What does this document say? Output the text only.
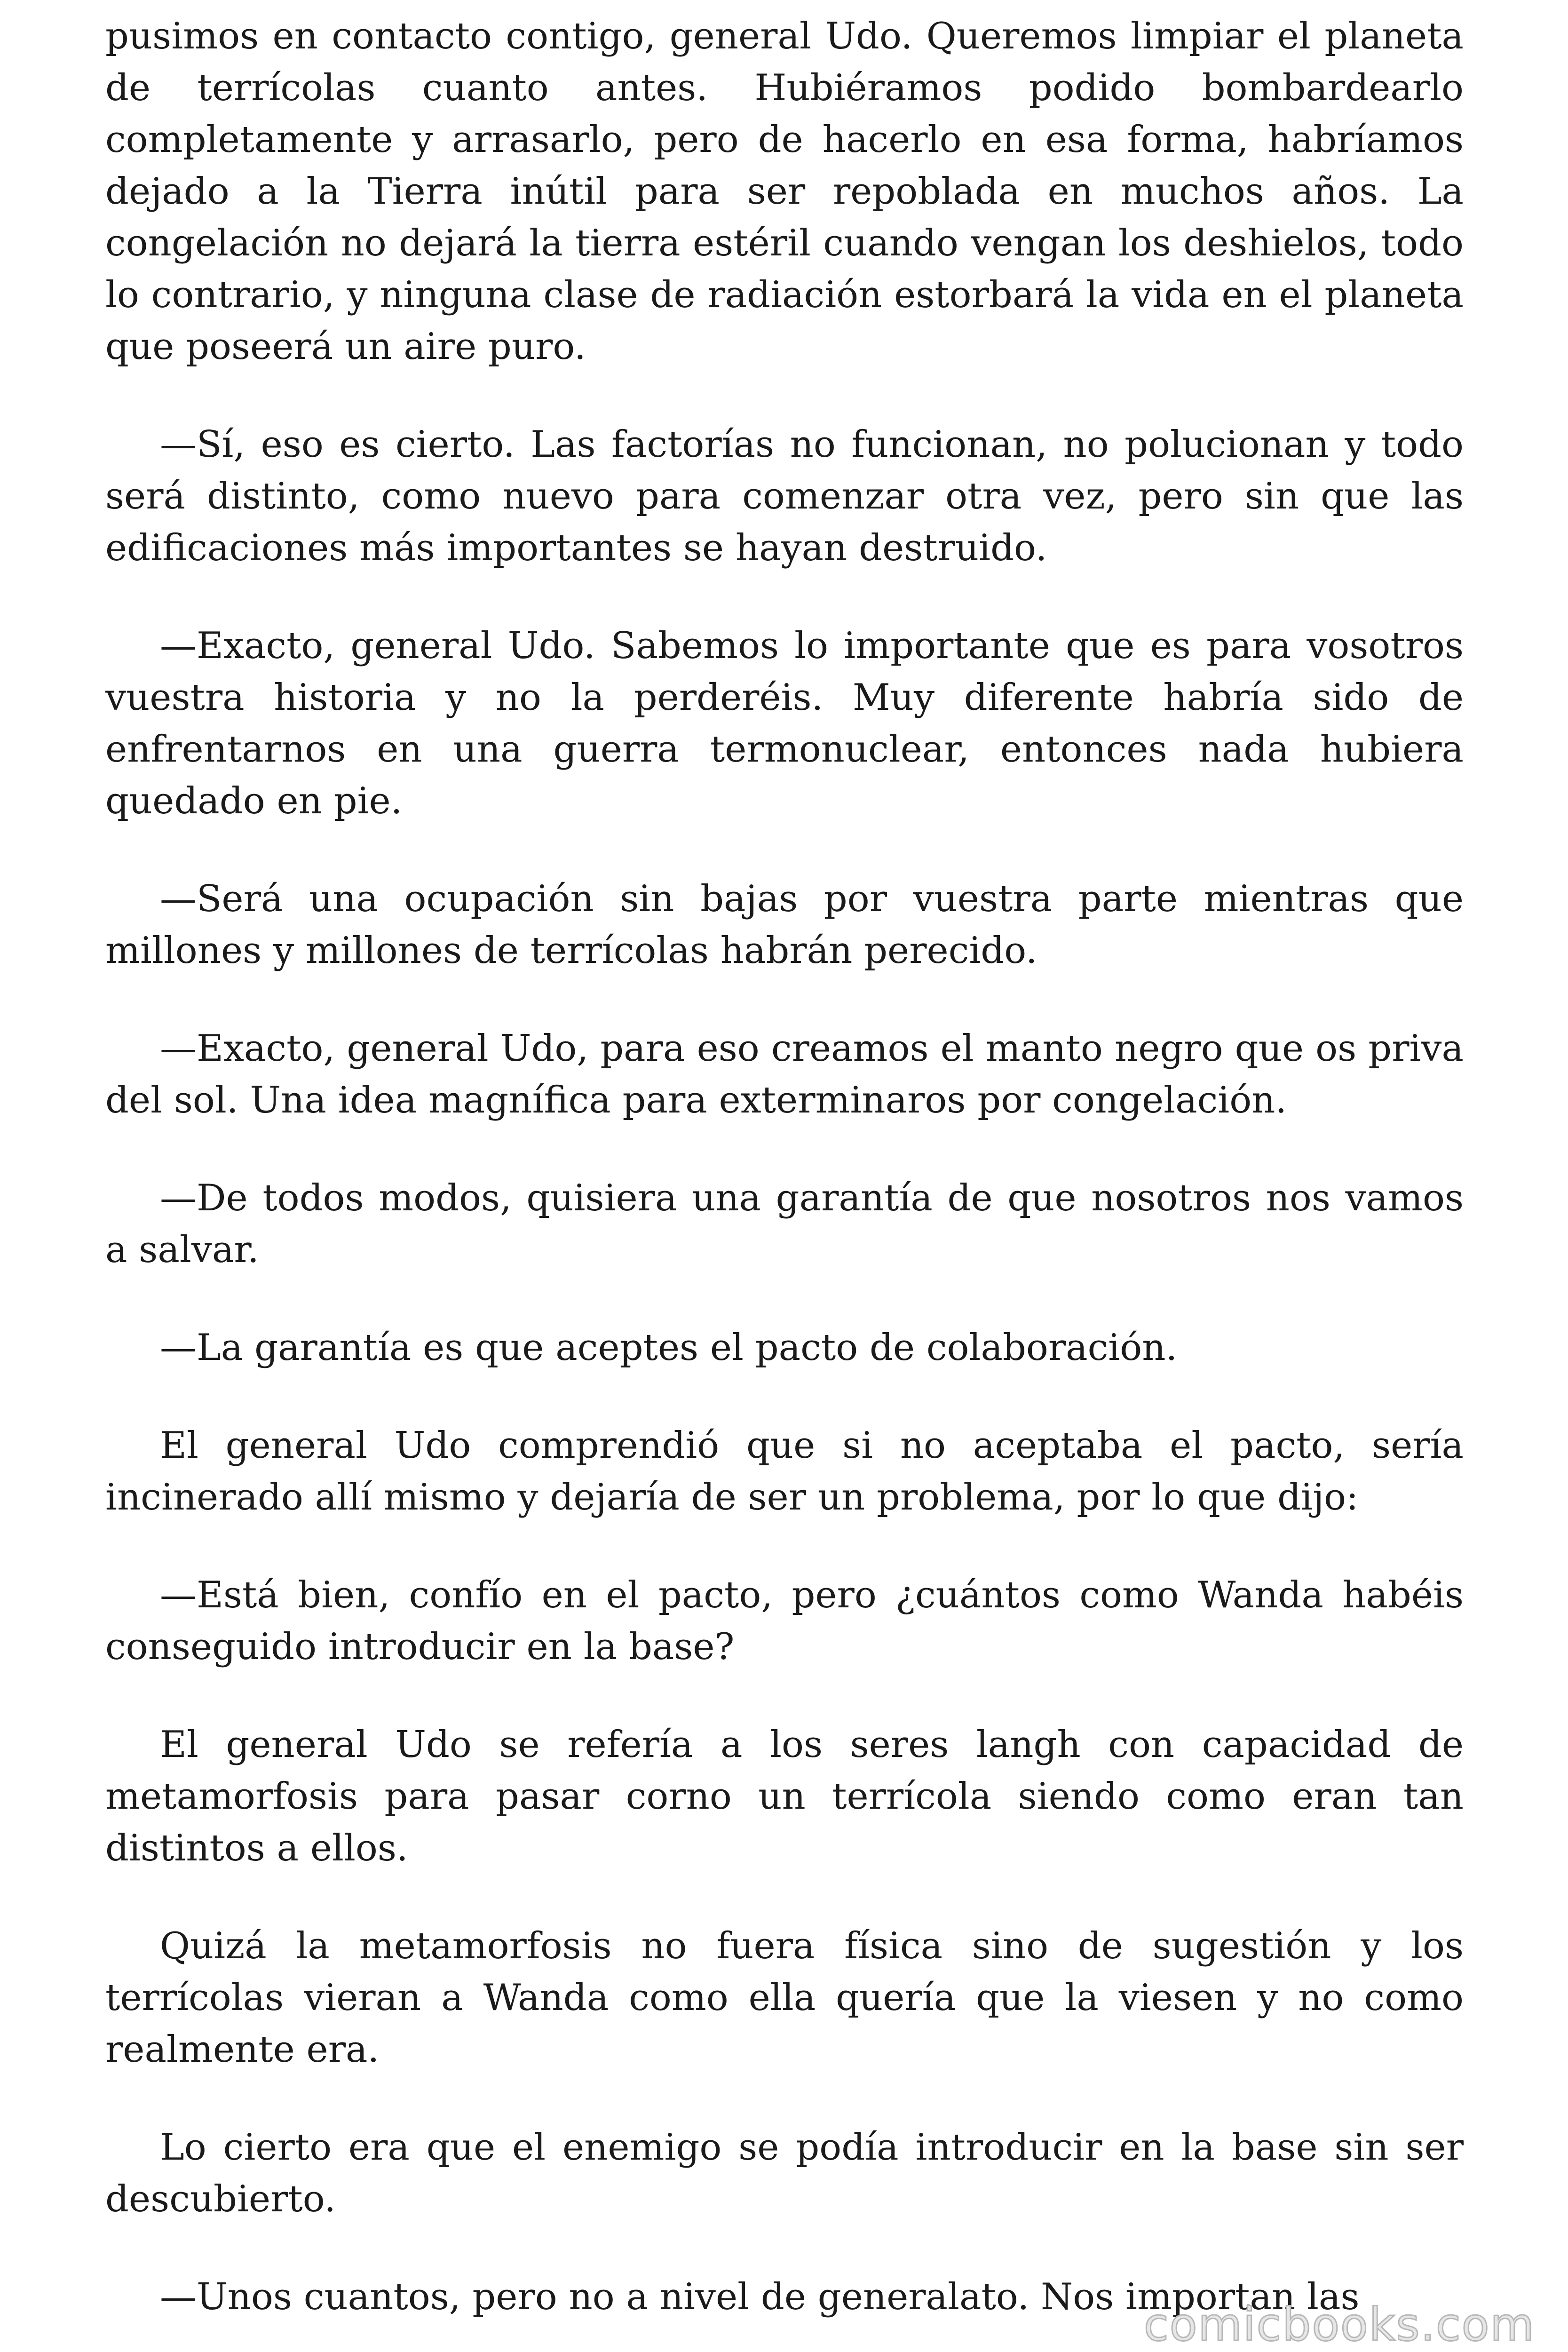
pusimos en contacto contigo, general Udo. Queremos limpiar el planeta de terrícolas cuanto antes. Hubiéramos podido bombardearlo completamente y arrasarlo, pero de hacerlo en esa forma, habríamos dejado a la Tierra inútil para ser repoblada en muchos años. La congelación no dejará la tierra estéril cuando vengan los deshielos, todo lo contrario, y ninguna clase de radiación estorbará la vida en el planeta que poseerá un aire puro.

—Sí, eso es cierto. Las factorías no funcionan, no polucionan y todo será distinto, como nuevo para comenzar otra vez, pero sin que las edificaciones más importantes se hayan destruido.

—Exacto, general Udo. Sabemos lo importante que es para vosotros vuestra historia y no la perderéis. Muy diferente habría sido de enfrentarnos en una guerra termonuclear, entonces nada hubiera quedado en pie.

—Será una ocupación sin bajas por vuestra parte mientras que millones y millones de terrícolas habrán perecido.

—Exacto, general Udo, para eso creamos el manto negro que os priva del sol. Una idea magnífica para exterminaros por congelación.

—De todos modos, quisiera una garantía de que nosotros nos vamos a salvar.

—La garantía es que aceptes el pacto de colaboración.

El general Udo comprendió que si no aceptaba el pacto, sería incinerado allí mismo y dejaría de ser un problema, por lo que dijo:

—Está bien, confío en el pacto, pero ¿cuántos como Wanda habéis conseguido introducir en la base?

El general Udo se refería a los seres langh con capacidad de metamorfosis para pasar corno un terrícola siendo como eran tan distintos a ellos.

Quizá la metamorfosis no fuera física sino de sugestión y los terrícolas vieran a Wanda como ella quería que la viesen y no como realmente era.

Lo cierto era que el enemigo se podía introducir en la base sin ser descubierto.

—Unos cuantos, pero no a nivel de generalato. Nos importan las

comicbooks.com
